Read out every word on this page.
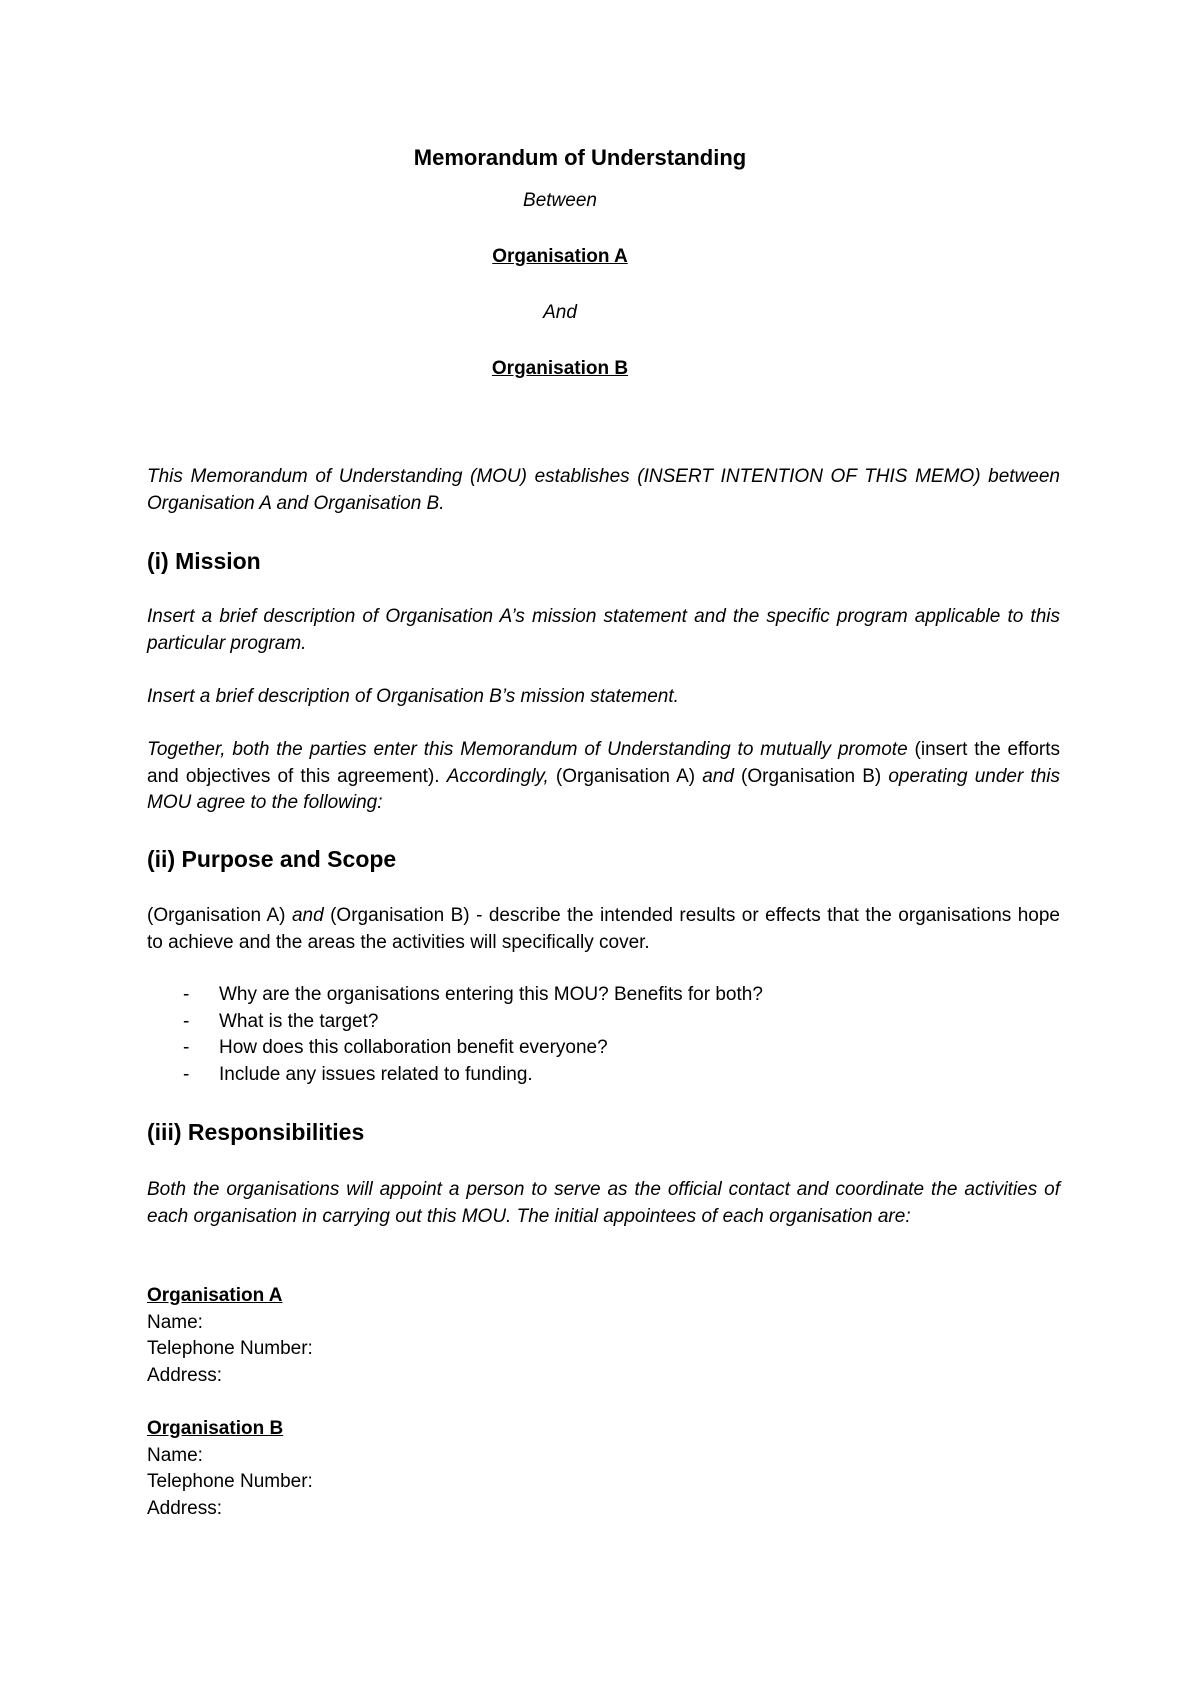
Memorandum of Understanding
Between
Organisation A
And
Organisation B
This Memorandum of Understanding (MOU) establishes (INSERT INTENTION OF THIS MEMO) between Organisation A and Organisation B.
(i) Mission
Insert a brief description of Organisation A’s mission statement and the specific program applicable to this particular program.
Insert a brief description of Organisation B’s mission statement.
Together, both the parties enter this Memorandum of Understanding to mutually promote (insert the efforts and objectives of this agreement). Accordingly, (Organisation A) and (Organisation B) operating under this MOU agree to the following:
(ii) Purpose and Scope
(Organisation A) and (Organisation B) - describe the intended results or effects that the organisations hope to achieve and the areas the activities will specifically cover.
- Why are the organisations entering this MOU? Benefits for both?
- What is the target?
- How does this collaboration benefit everyone?
- Include any issues related to funding.
(iii) Responsibilities
Both the organisations will appoint a person to serve as the official contact and coordinate the activities of each organisation in carrying out this MOU. The initial appointees of each organisation are:
Organisation A
Name:
Telephone Number:
Address:
Organisation B
Name:
Telephone Number:
Address:
